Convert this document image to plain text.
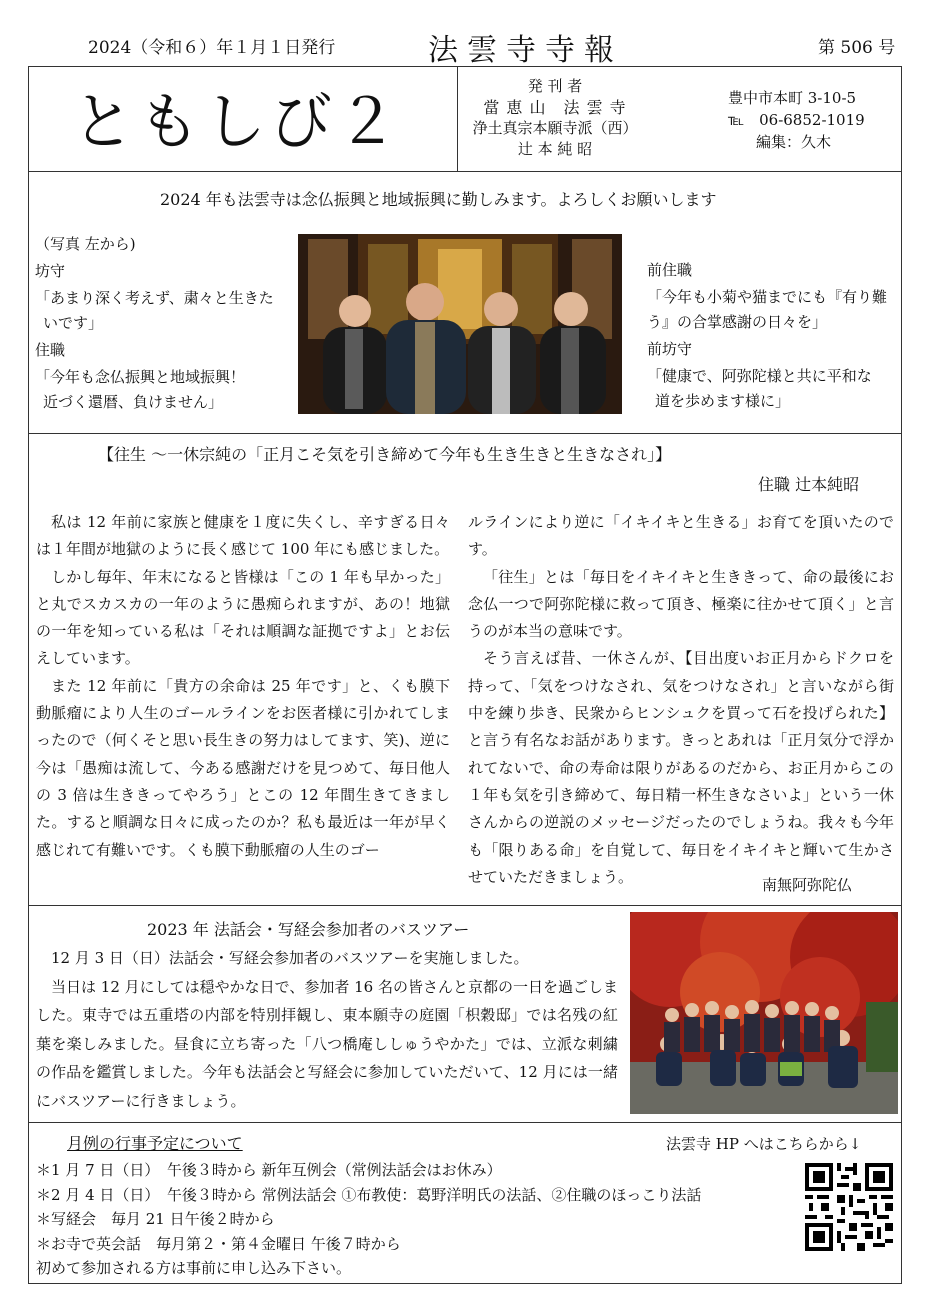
2024（令和６）年１月１日発行	法雲寺寺報	第 506 号
ともしび２	発 刊 者
當 恵 山　法 雲 寺
浄土真宗本願寺派（西）
辻 本 純 昭
豊中市本町 3-10-5
℡　06-6852-1019
編集：久木
2024 年も法雲寺は念仏振興と地域振興に勤しみます。よろしくお願いします
（写真 左から)
坊守
「あまり深く考えず、粛々と生きた
いです」
住職
「今年も念仏振興と地域振興！
近づく還暦、負けません」
前住職
「今年も小菊や猫までにも『有り難
う』の合掌感謝の日々を」
前坊守
「健康で、阿弥陀様と共に平和な
道を歩めます様に」
【往生 〜一休宗純の「正月こそ気を引き締めて今年も生き生きと生きなされ」】
住職 辻本純昭

私は 12 年前に家族と健康を１度に失くし、辛すぎる日々は１年間が地獄のように長く感じて 100 年にも感じました。

しかし毎年、年末になると皆様は「この 1 年も早かった」と丸でスカスカの一年のように愚痴られますが、あの！地獄の一年を知っている私は「それは順調な証拠ですよ」とお伝えしています。

また 12 年前に「貴方の余命は 25 年です」と、くも膜下動脈瘤により人生のゴールラインをお医者様に引かれてしまったので（何くそと思い長生きの努力はしてます、笑)、逆に今は「愚痴は流して、今ある感謝だけを見つめて、毎日他人の 3 倍は生ききってやろう」とこの 12 年間生きてきました。すると順調な日々に成ったのか？私も最近は一年が早く感じれて有難いです。くも膜下動脈瘤の人生のゴー

ルラインにより逆に「イキイキと生きる」お育てを頂いたのです。

「往生」とは「毎日をイキイキと生ききって、命の最後にお念仏一つで阿弥陀様に救って頂き、極楽に往かせて頂く」と言うのが本当の意味です。

そう言えば昔、一休さんが、【目出度いお正月からドクロを持って、「気をつけなされ、気をつけなされ」と言いながら街中を練り歩き、民衆からヒンシュクを買って石を投げられた】と言う有名なお話があります。きっとあれは「正月気分で浮かれてないで、命の寿命は限りがあるのだから、お正月からこの１年も気を引き締めて、毎日精一杯生きなさいよ」という一休さんからの逆説のメッセージだったのでしょうね。我々も今年も「限りある命」を自覚して、毎日をイキイキと輝いて生かさせていただきましょう。	南無阿弥陀仏
2023 年 法話会・写経会参加者のバスツアー

12 月 3 日（日）法話会・写経会参加者のバスツアーを実施しました。

当日は 12 月にしては穏やかな日で、参加者 16 名の皆さんと京都の一日を過ごしました。東寺では五重塔の内部を特別拝観し、東本願寺の庭園「枳穀邸」では名残の紅葉を楽しみました。昼食に立ち寄った「八つ橋庵ししゅうやかた」では、立派な刺繍の作品を鑑賞しました。今年も法話会と写経会に参加していただいて、12 月には一緒にバスツアーに行きましょう。

月例の行事予定について	法雲寺 HP へはこちらから↓
＊1 月 7 日（日）　午後３時から 新年互例会（常例法話会はお休み）
＊2 月 4 日（日）　午後３時から 常例法話会 ①布教使：葛野洋明氏の法話、②住職のほっこり法話
＊写経会　毎月 21 日午後２時から
＊お寺で英会話　毎月第２・第４金曜日 午後７時から
初めて参加される方は事前に申し込み下さい。
